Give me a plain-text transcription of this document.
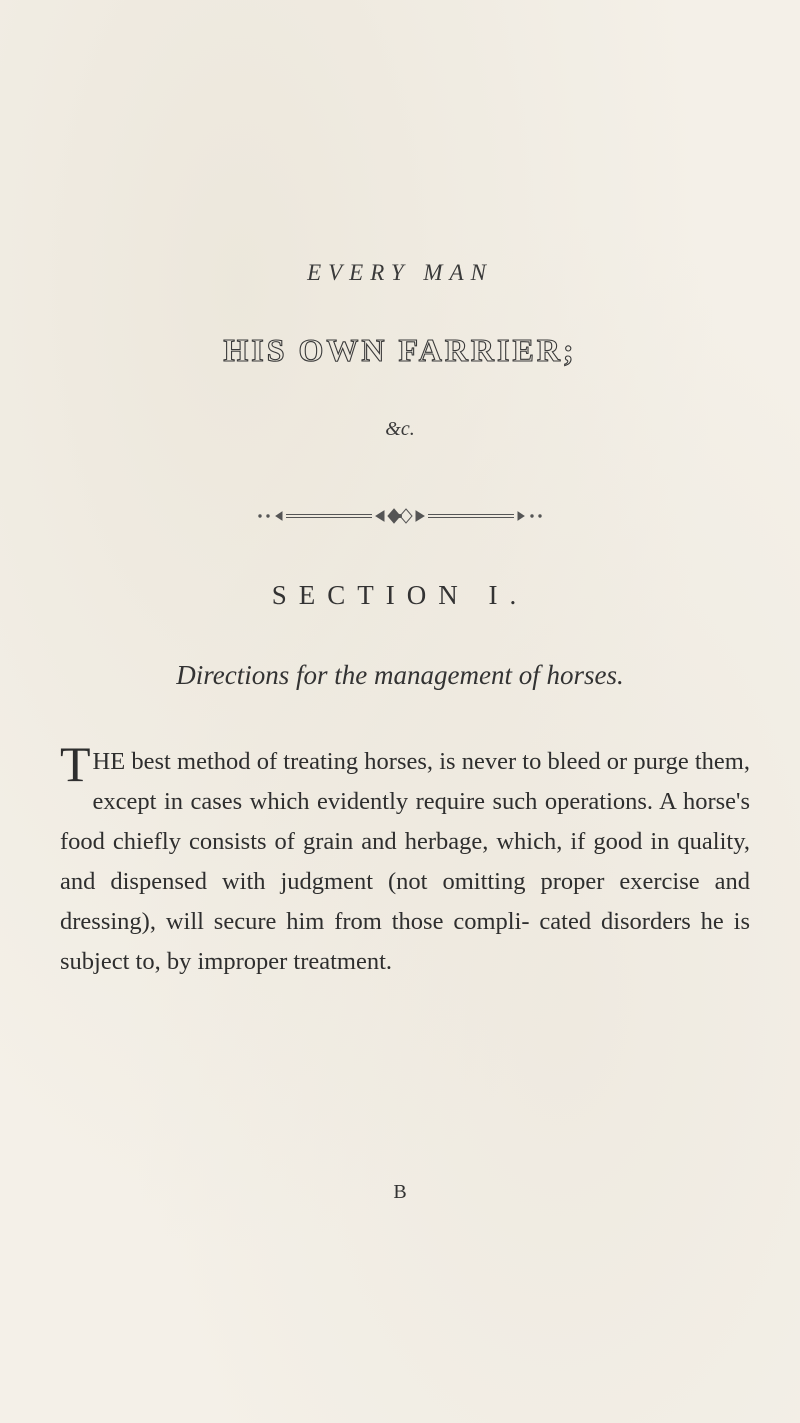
EVERY MAN
HIS OWN FARRIER;
&c.
SECTION I.
Directions for the management of horses.
THE best method of treating horses, is never to bleed or purge them, except in cases which evidently require such operations. A horse's food chiefly consists of grain and herbage, which, if good in quality, and dispensed with judgment (not omitting proper exercise and dressing), will secure him from those compli- cated disorders he is subject to, by improper treatment.
B
